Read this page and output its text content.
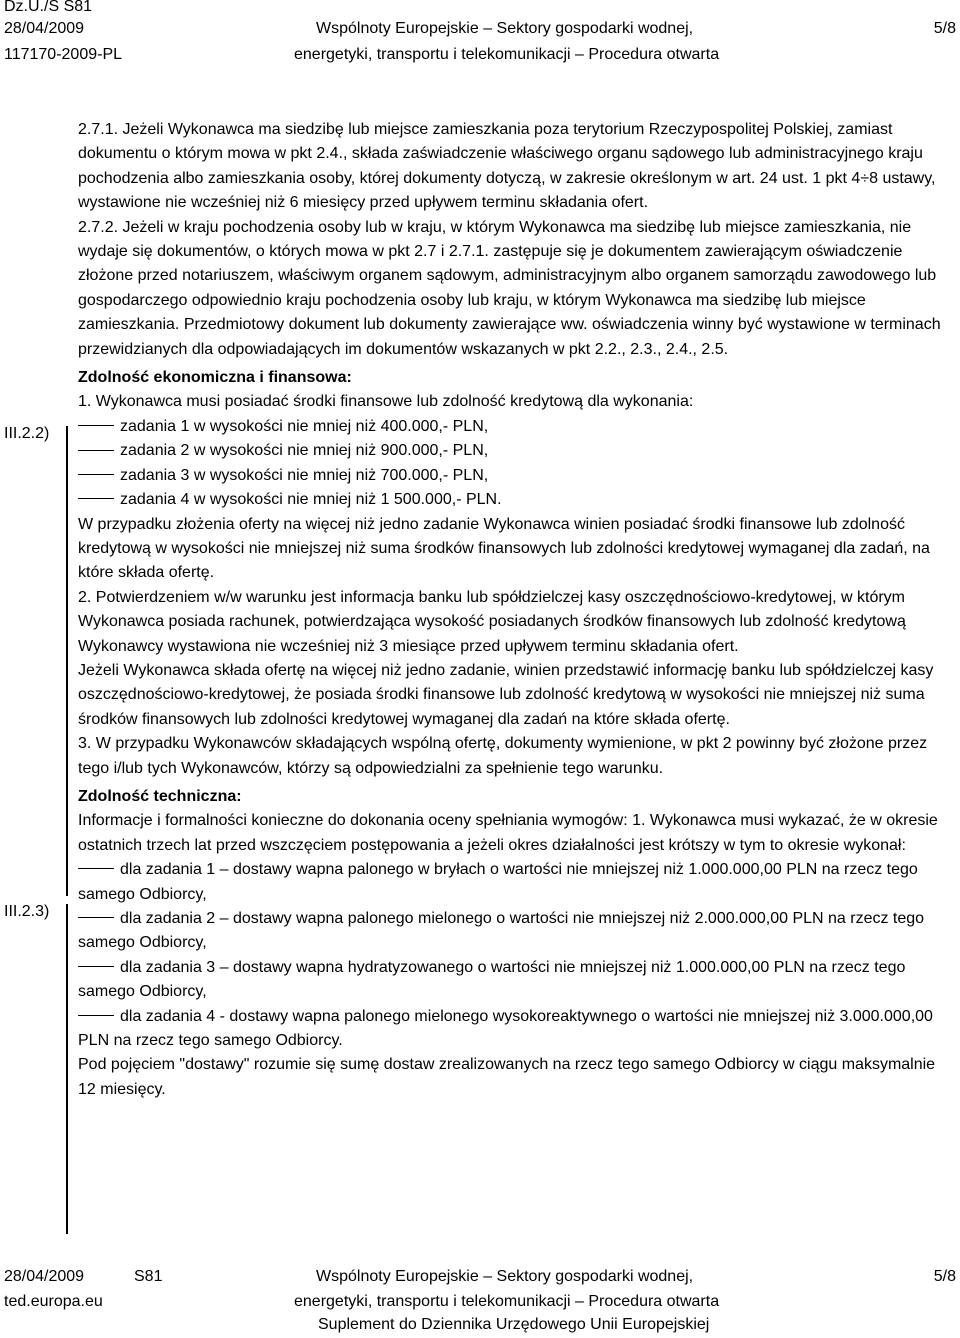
Dz.U./S S81
28/04/2009
117170-2009-PL
Wspólnoty Europejskie – Sektory gospodarki wodnej,
energetyki, transportu i telekomunikacji – Procedura otwarta
5/8
III.2.2)
III.2.3)

2.7.1. Jeżeli Wykonawca ma siedzibę lub miejsce zamieszkania poza terytorium Rzeczypospolitej Polskiej, zamiast dokumentu o którym mowa w pkt 2.4., składa zaświadczenie właściwego organu sądowego lub administracyjnego kraju pochodzenia albo zamieszkania osoby, której dokumenty dotyczą, w zakresie określonym w art. 24 ust. 1 pkt 4÷8 ustawy, wystawione nie wcześniej niż 6 miesięcy przed upływem terminu składania ofert.

2.7.2. Jeżeli w kraju pochodzenia osoby lub w kraju, w którym Wykonawca ma siedzibę lub miejsce zamieszkania, nie wydaje się dokumentów, o których mowa w pkt 2.7 i 2.7.1. zastępuje się je dokumentem zawierającym oświadczenie złożone przed notariuszem, właściwym organem sądowym, administracyjnym albo organem samorządu zawodowego lub gospodarczego odpowiednio kraju pochodzenia osoby lub kraju, w którym Wykonawca ma siedzibę lub miejsce zamieszkania. Przedmiotowy dokument lub dokumenty zawierające ww. oświadczenia winny być wystawione w terminach przewidzianych dla odpowiadających im dokumentów wskazanych w pkt 2.2., 2.3., 2.4., 2.5.

Zdolność ekonomiczna i finansowa:

1. Wykonawca musi posiadać środki finansowe lub zdolność kredytową dla wykonania:

zadania 1 w wysokości nie mniej niż 400.000,- PLN,

zadania 2 w wysokości nie mniej niż 900.000,- PLN,

zadania 3 w wysokości nie mniej niż 700.000,- PLN,

zadania 4 w wysokości nie mniej niż 1 500.000,- PLN.

W przypadku złożenia oferty na więcej niż jedno zadanie Wykonawca winien posiadać środki finansowe lub zdolność kredytową w wysokości nie mniejszej niż suma środków finansowych lub zdolności kredytowej wymaganej dla zadań, na które składa ofertę.

2. Potwierdzeniem w/w warunku jest informacja banku lub spółdzielczej kasy oszczędnościowo-kredytowej, w którym Wykonawca posiada rachunek, potwierdzająca wysokość posiadanych środków finansowych lub zdolność kredytową Wykonawcy wystawiona nie wcześniej niż 3 miesiące przed upływem terminu składania ofert.

Jeżeli Wykonawca składa ofertę na więcej niż jedno zadanie, winien przedstawić informację banku lub spółdzielczej kasy oszczędnościowo-kredytowej, że posiada środki finansowe lub zdolność kredytową w wysokości nie mniejszej niż suma środków finansowych lub zdolności kredytowej wymaganej dla zadań na które składa ofertę.

3. W przypadku Wykonawców składających wspólną ofertę, dokumenty wymienione, w pkt 2 powinny być złożone przez tego i/lub tych Wykonawców, którzy są odpowiedzialni za spełnienie tego warunku.

Zdolność techniczna:

Informacje i formalności konieczne do dokonania oceny spełniania wymogów: 1. Wykonawca musi wykazać, że w okresie ostatnich trzech lat przed wszczęciem postępowania a jeżeli okres działalności jest krótszy w tym to okresie wykonał:

dla zadania 1 – dostawy wapna palonego w bryłach o wartości nie mniejszej niż 1.000.000,00 PLN na rzecz tego samego Odbiorcy,

dla zadania 2 – dostawy wapna palonego mielonego o wartości nie mniejszej niż 2.000.000,00 PLN na rzecz tego samego Odbiorcy,

dla zadania 3 – dostawy wapna hydratyzowanego o wartości nie mniejszej niż 1.000.000,00 PLN na rzecz tego samego Odbiorcy,

dla zadania 4 - dostawy wapna palonego mielonego wysokoreaktywnego o wartości nie mniejszej niż 3.000.000,00 PLN na rzecz tego samego Odbiorcy.

Pod pojęciem "dostawy" rozumie się sumę dostaw zrealizowanych na rzecz tego samego Odbiorcy w ciągu maksymalnie 12 miesięcy.

28/04/2009	S81
ted.europa.eu
Wspólnoty Europejskie – Sektory gospodarki wodnej,
energetyki, transportu i telekomunikacji – Procedura otwarta
Suplement do Dziennika Urzędowego Unii Europejskiej
5/8
